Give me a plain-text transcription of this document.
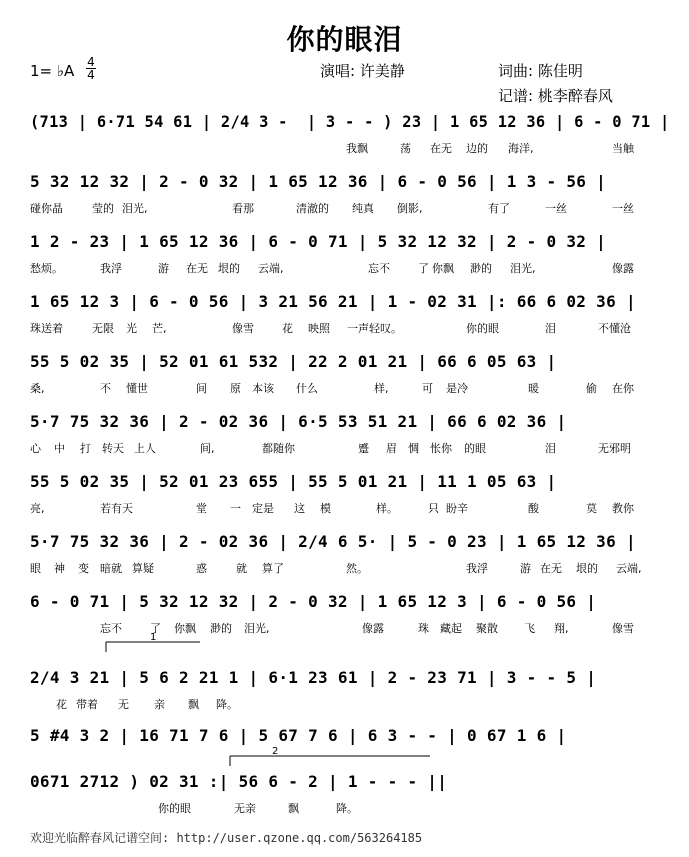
你的眼泪
1= ♭A 4
4	演唱: 许美静	词曲: 陈佳明
记谱: 桃李醉春风
(713 | 6·71 54 61 | 2/4 3 -  | 3 - - ) 23 | 1 65 12 36 | 6 - 0 71 |
我飘	荡 在无 边的 海洋,	当触
5 32 12 32 | 2 - 0 32 | 1 65 12 36 | 6 - 0 56 | 1 3 - 56 |
碰你晶	莹的 泪光,	看那	清澈的 纯真 倒影,	有了	一丝	一丝
1 2 - 23 | 1 65 12 36 | 6 - 0 71 | 5 32 12 32 | 2 - 0 32 |
愁烦。	我浮	游 在无 垠的 云端,	忘不	了 你飘 渺的 泪光,	像露
1 65 12 3 | 6 - 0 56 | 3 21 56 21 | 1 - 02 31 |: 66 6 02 36 |
珠送着	无限 光 芒,	像雪	花 映照 一声轻叹。	你的眼	泪	不懂沧
55 5 02 35 | 52 01 61 532 | 22 2 01 21 | 66 6 05 63 |
桑,	不 懂世	间 原 本该 什么	样,	可 是冷	暖	偷 在你
5·7 75 32 36 | 2 - 02 36 | 6·5 53 51 21 | 66 6 02 36 |
心 中 打 转天 上人	间,	都随你	蹙 眉 惆 怅你 的眼	泪	无邪明
55 5 02 35 | 52 01 23 655 | 55 5 01 21 | 11 1 05 63 |
亮,	若有天	堂 一 定是 这 模	样。	只 盼辛	酸	莫 教你
5·7 75 32 36 | 2 - 02 36 | 2/4 6 5· | 5 - 0 23 | 1 65 12 36 |
眼 神 变 暗就 算疑	惑	就 算了	然。	我浮	游 在无 垠的 云端,
6 - 0 71 | 5 32 12 32 | 2 - 0 32 | 1 65 12 3 | 6 - 0 56 |
忘不	了 你飘 渺的 泪光,	像露	珠 藏起 聚散 飞 翔,	像雪
2/4 3 21 | 5 6 2 21 1 | 6·1 23 61 | 2 - 23 71 | 3 - - 5 |
花 带着 无 亲 飘 降。
5 #4 3 2 | 16 71 7 6 | 5 67 7 6 | 6 3 - - | 0 67 1 6 |
0671 2712 ) 02 31 :| 56 6 - 2 | 1 - - - ||
你的眼	无亲	飘	降。
1
2
欢迎光临醉春风记谱空间: http://user.qzone.qq.com/563264185
